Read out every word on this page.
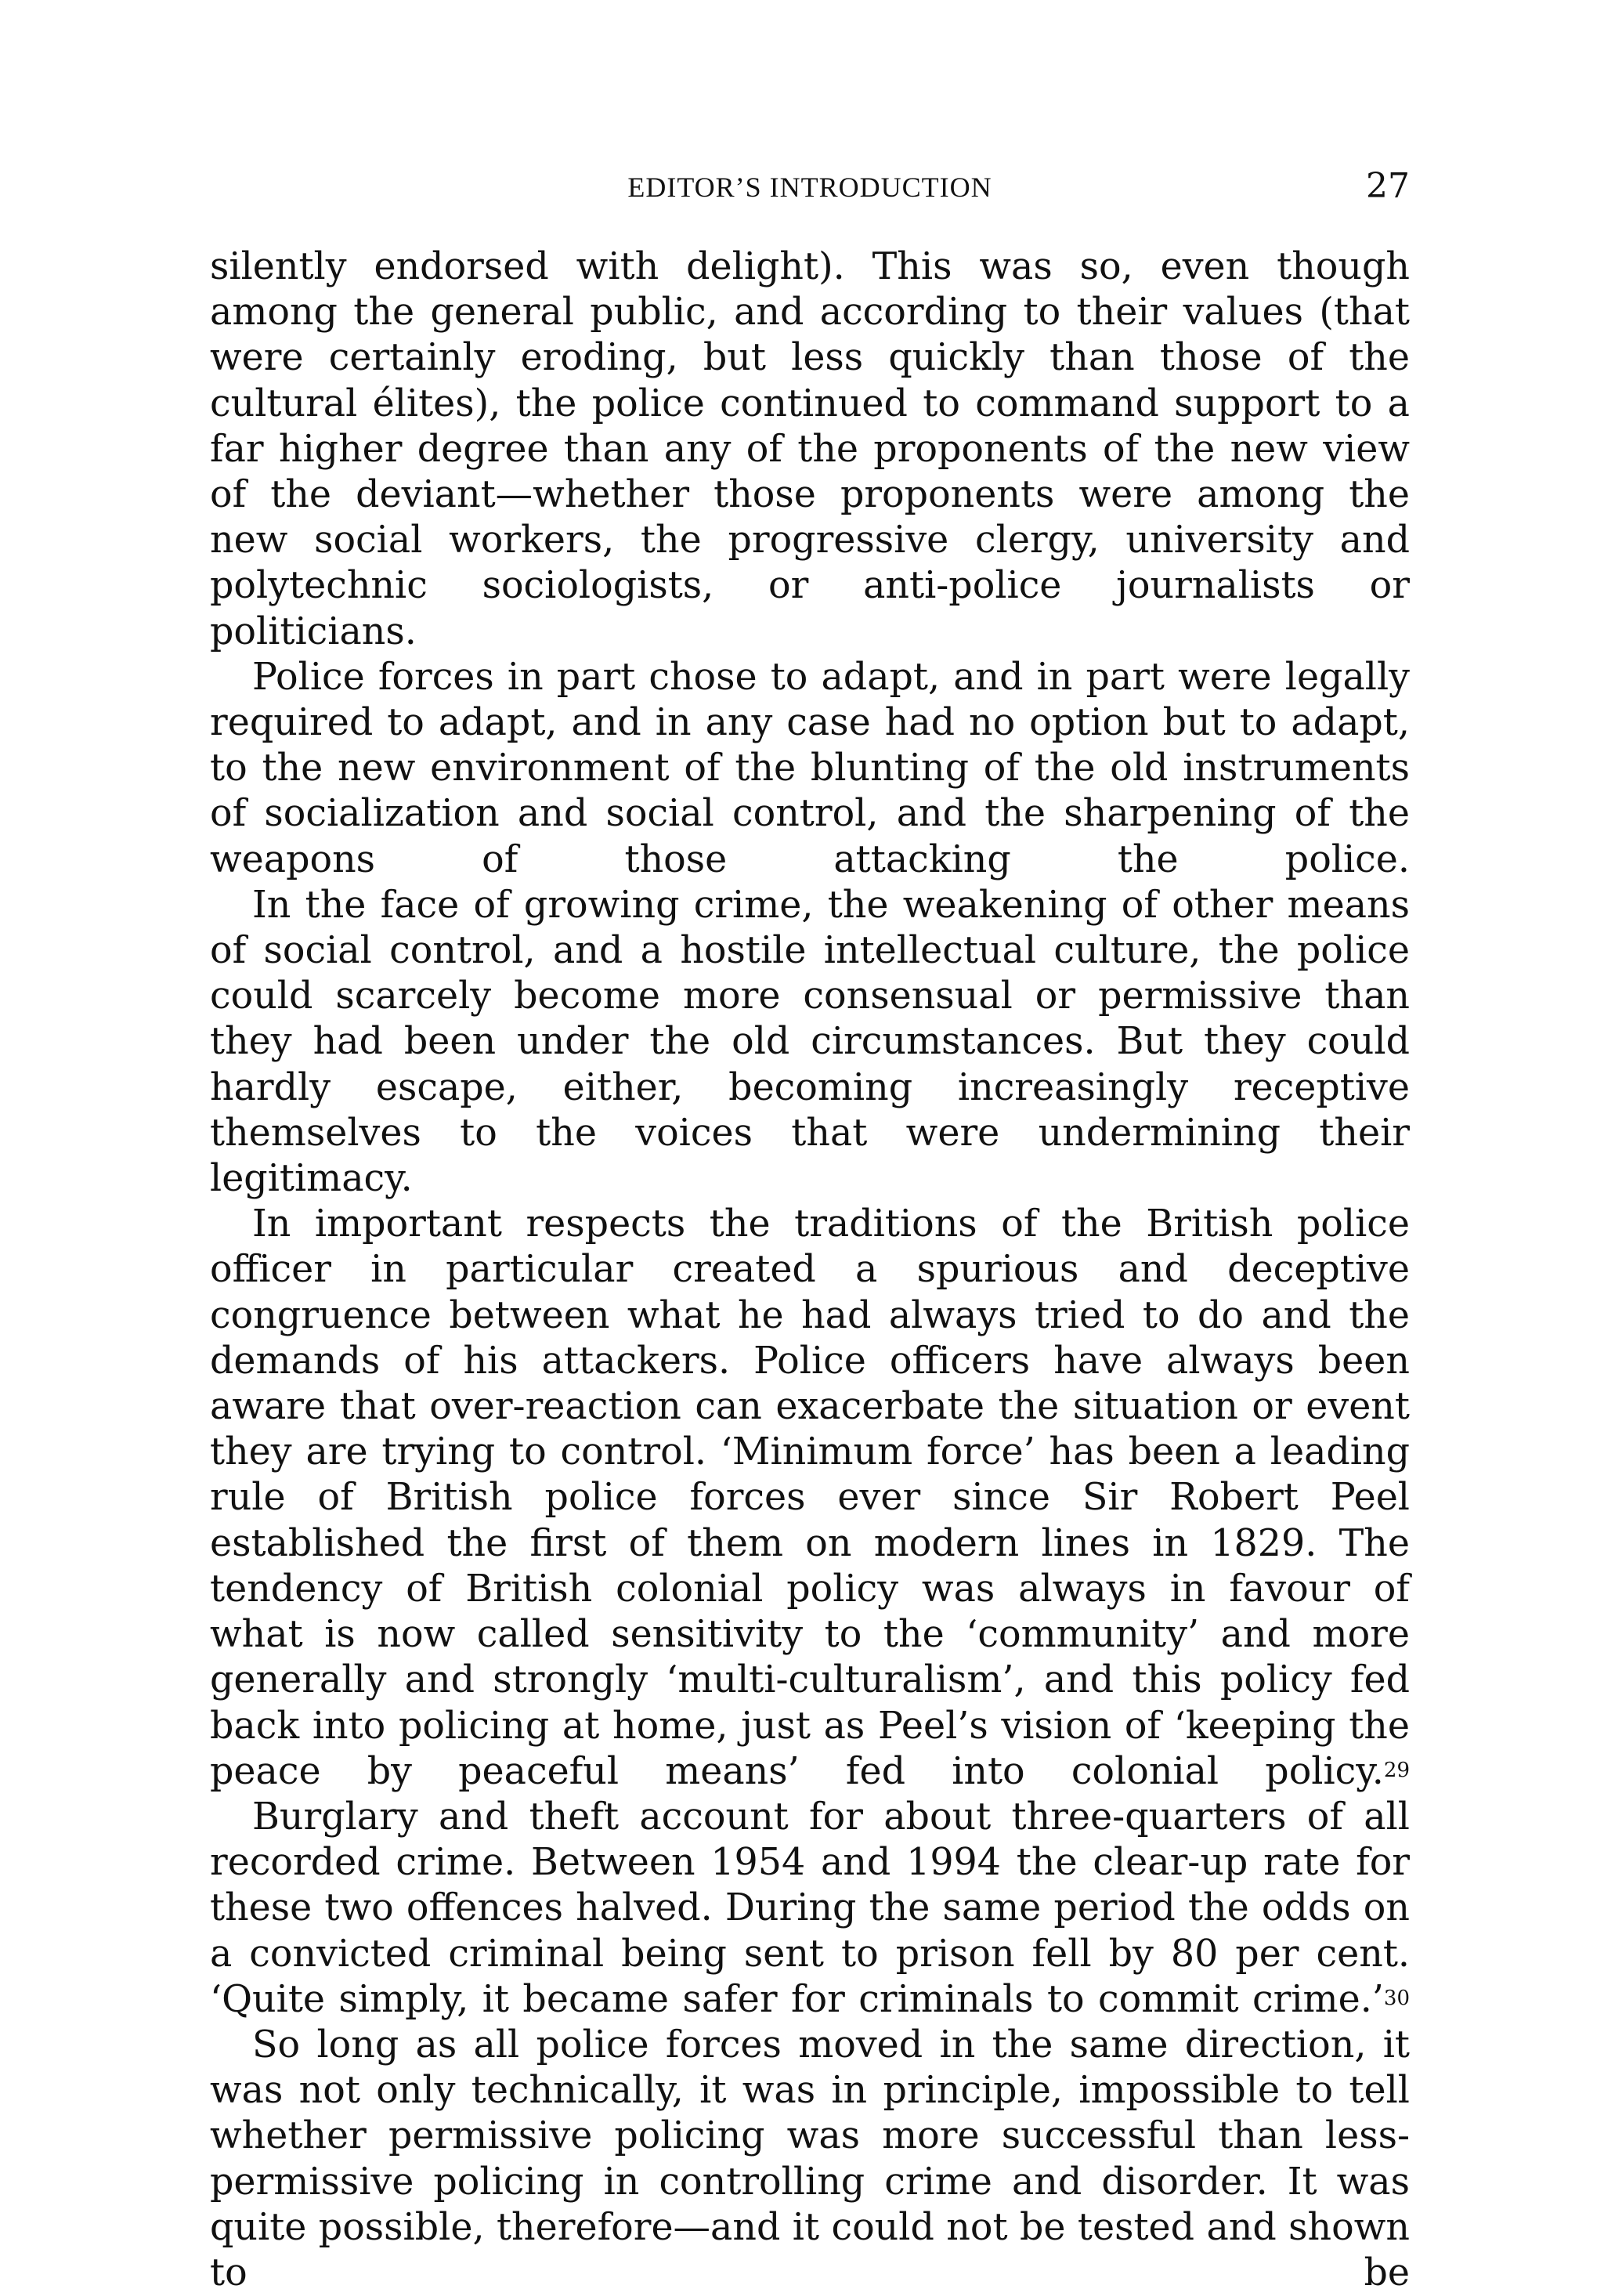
EDITOR’S INTRODUCTION	27

silently endorsed with delight). This was so, even though among the general public, and according to their values (that were certainly eroding, but less quickly than those of the cultural élites), the police continued to command support to a far higher degree than any of the proponents of the new view of the deviant—whether those proponents were among the new social workers, the progressive clergy, university and polytechnic sociologists, or anti-police journalists or politicians.

Police forces in part chose to adapt, and in part were legally required to adapt, and in any case had no option but to adapt, to the new environment of the blunting of the old instruments of socialization and social control, and the sharpening of the weapons of those attacking the police.

In the face of growing crime, the weakening of other means of social control, and a hostile intellectual culture, the police could scarcely become more consensual or permissive than they had been under the old circumstances. But they could hardly escape, either, becoming increasingly receptive themselves to the voices that were undermining their legitimacy.

In important respects the traditions of the British police officer in particular created a spurious and deceptive congruence between what he had always tried to do and the demands of his attackers. Police officers have always been aware that over-reaction can exacerbate the situation or event they are trying to control. ‘Minimum force’ has been a leading rule of British police forces ever since Sir Robert Peel established the first of them on modern lines in 1829. The tendency of British colonial policy was always in favour of what is now called sensitivity to the ‘community’ and more generally and strongly ‘multi-culturalism’, and this policy fed back into policing at home, just as Peel’s vision of ‘keeping the peace by peaceful means’ fed into colonial policy.$^{29}$

Burglary and theft account for about three-quarters of all recorded crime. Between 1954 and 1994 the clear-up rate for these two offences halved. During the same period the odds on a convicted criminal being sent to prison fell by 80 per cent. ‘Quite simply, it became safer for criminals to commit crime.’$^{30}$

So long as all police forces moved in the same direction, it was not only technically, it was in principle, impossible to tell whether permissive policing was more successful than less-permissive policing in controlling crime and disorder. It was quite possible, therefore—and it could not be tested and shown to be
